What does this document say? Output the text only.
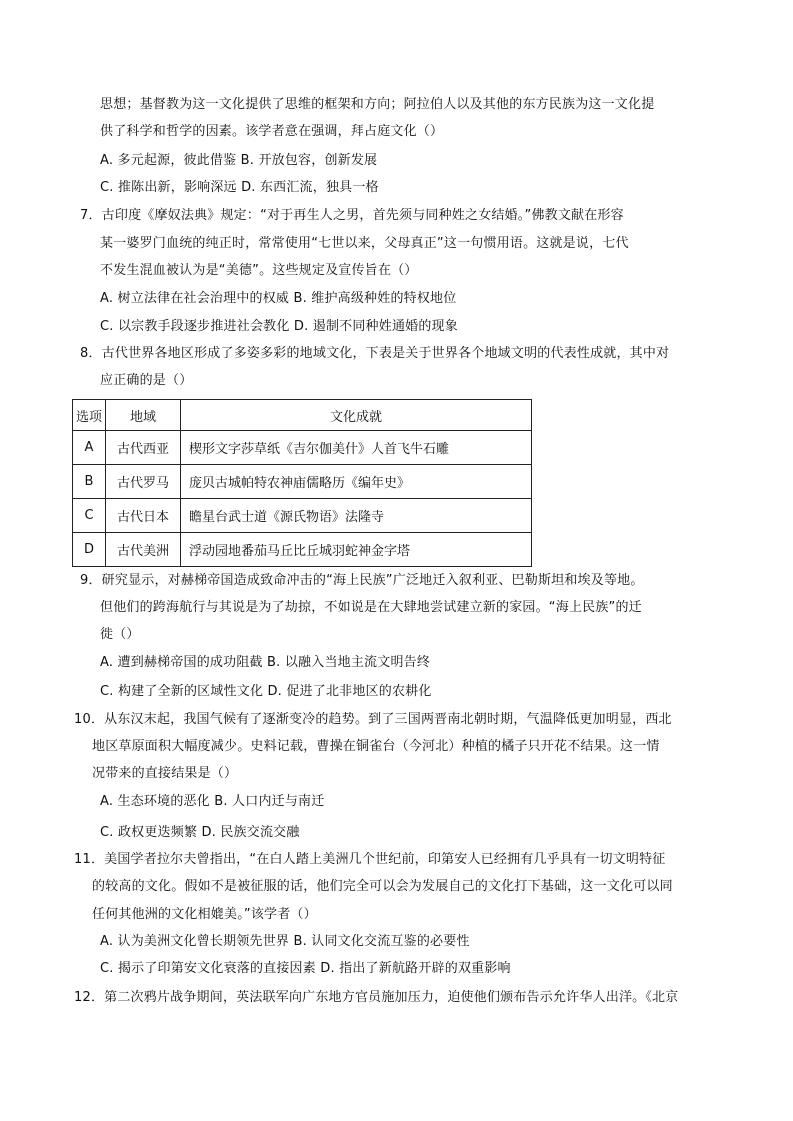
思想；基督教为这一文化提供了思维的框架和方向；阿拉伯人以及其他的东方民族为这一文化提
供了科学和哲学的因素。该学者意在强调，拜占庭文化（）
A. 多元起源，彼此借鉴 B. 开放包容，创新发展
C. 推陈出新，影响深远 D. 东西汇流，独具一格
7．古印度《摩奴法典》规定：“对于再生人之男，首先须与同种姓之女结婚。”佛教文献在形容
某一婆罗门血统的纯正时，常常使用“七世以来，父母真正”这一句惯用语。这就是说，七代
不发生混血被认为是“美德”。这些规定及宣传旨在（）
A. 树立法律在社会治理中的权威 B. 维护高级种姓的特权地位
C. 以宗教手段逐步推进社会教化 D. 遏制不同种姓通婚的现象
8．古代世界各地区形成了多姿多彩的地域文化，下表是关于世界各个地域文明的代表性成就，其中对
应正确的是（）
选项	地域	文化成就
A	古代西亚	楔形文字莎草纸《吉尔伽美什》人首飞牛石雕
B	古代罗马	庞贝古城帕特农神庙儒略历《编年史》
C	古代日本	瞻星台武士道《源氏物语》法隆寺
D	古代美洲	浮动园地番茄马丘比丘城羽蛇神金字塔
9．研究显示，对赫梯帝国造成致命冲击的“海上民族”广泛地迁入叙利亚、巴勒斯坦和埃及等地。
但他们的跨海航行与其说是为了劫掠，不如说是在大肆地尝试建立新的家园。“海上民族”的迁
徙（）
A. 遭到赫梯帝国的成功阻截 B. 以融入当地主流文明告终
C. 构建了全新的区域性文化 D. 促进了北非地区的农耕化
10．从东汉末起，我国气候有了逐渐变冷的趋势。到了三国两晋南北朝时期，气温降低更加明显，西北
地区草原面积大幅度减少。史料记载，曹操在铜雀台（今河北）种植的橘子只开花不结果。这一情
况带来的直接结果是（）
A. 生态环境的恶化 B. 人口内迁与南迁
C. 政权更迭频繁 D. 民族交流交融
11．美国学者拉尔夫曾指出，“在白人踏上美洲几个世纪前，印第安人已经拥有几乎具有一切文明特征
的较高的文化。假如不是被征服的话，他们完全可以会为发展自己的文化打下基础，这一文化可以同
任何其他洲的文化相媲美。”该学者（）
A. 认为美洲文化曾长期领先世界 B. 认同文化交流互鉴的必要性
C. 揭示了印第安文化衰落的直接因素 D. 指出了新航路开辟的双重影响
12．第二次鸦片战争期间，英法联军向广东地方官员施加压力，迫使他们颁布告示允许华人出洋。《北京
